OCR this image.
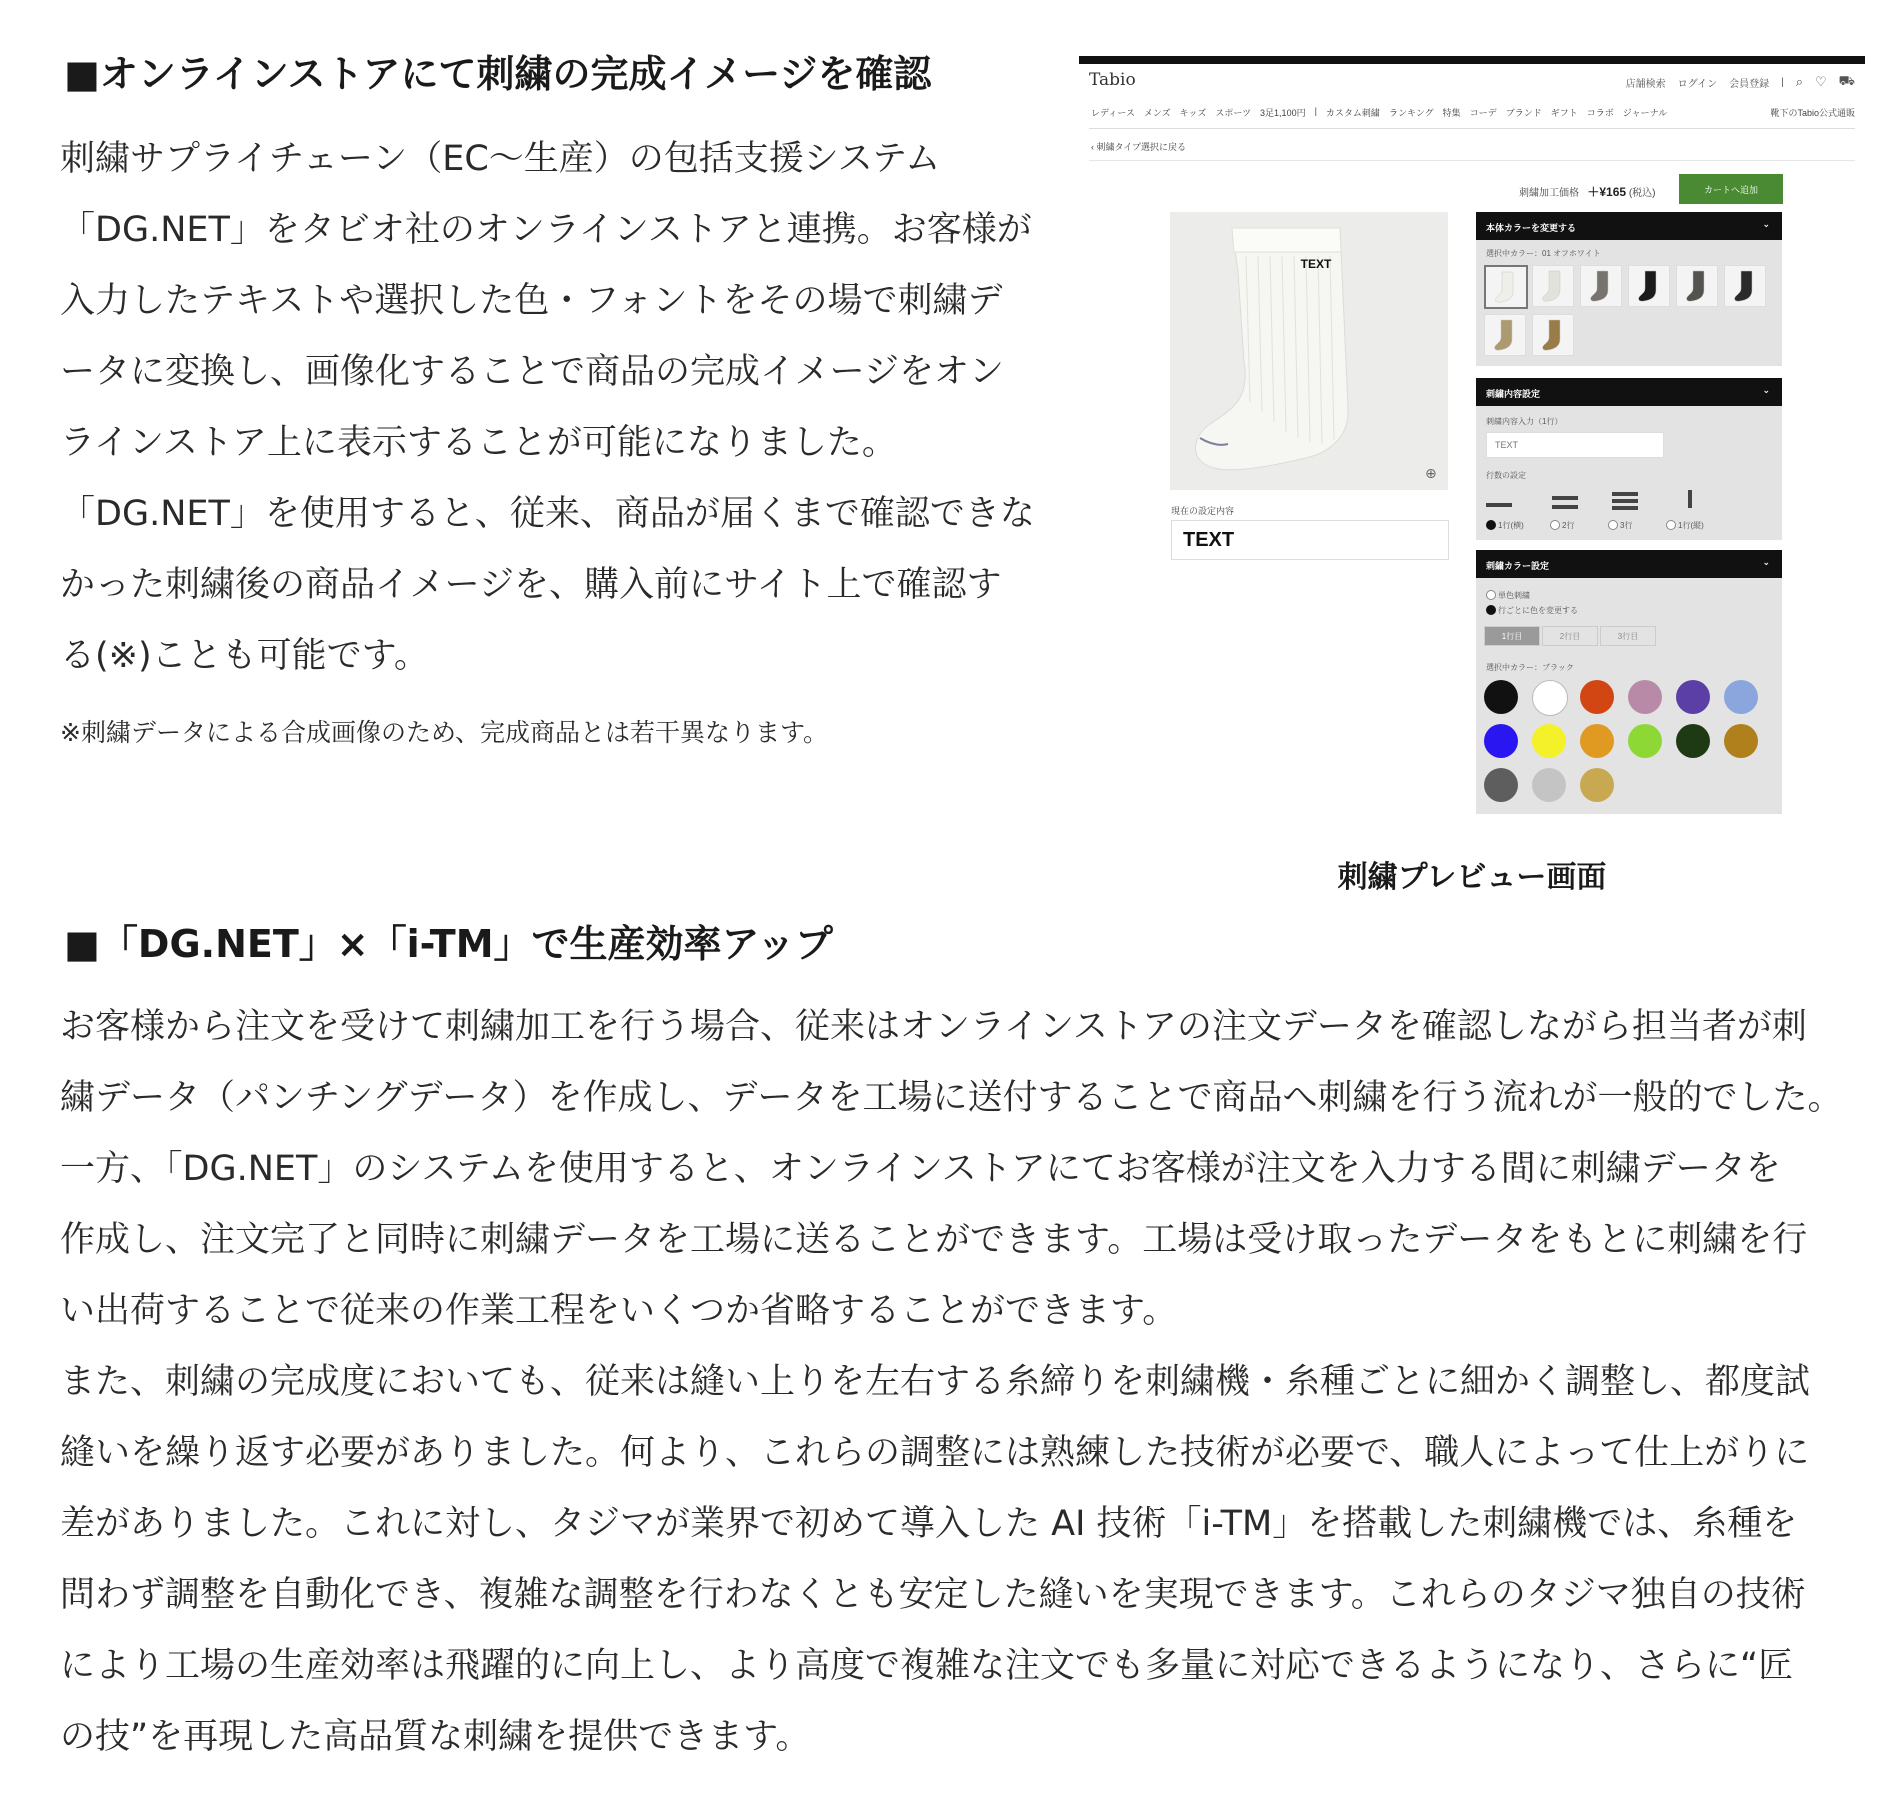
■オンラインストアにて刺繍の完成イメージを確認
刺繍サプライチェーン（EC～生産）の包括支援システム
「DG.NET」をタビオ社のオンラインストアと連携。お客様が
入力したテキストや選択した色・フォントをその場で刺繍デ
ータに変換し、画像化することで商品の完成イメージをオン
ラインストア上に表示することが可能になりました。
「DG.NET」を使用すると、従来、商品が届くまで確認できな
かった刺繍後の商品イメージを、購入前にサイト上で確認す
る(※)ことも可能です。

※刺繍データによる合成画像のため、完成商品とは若干異なります。

Tabio	店舗検索 ログイン 会員登録 | ⌕ ♡ ⛟
レディース メンズ キッズ スポーツ 3足1,100円 | カスタム刺繍 ランキング 特集 コーデ ブランド ギフト コラボ ジャーナル	靴下のTabio公式通販
‹ 刺繍タイプ選択に戻る
刺繍加工価格 ＋¥165 (税込)	カートへ追加
TEXT
⊕
現在の設定内容
TEXT
本体カラーを変更する	⌄
選択中カラー：01 オフホワイト
刺繍内容設定	⌄
刺繍内容入力（1行）
TEXT
行数の設定
1行(横)	2行	3行	1行(縦)
刺繍カラー設定	⌄
単色刺繍
行ごとに色を変更する
1行目	2行目	3行目
選択中カラー：ブラック
刺繍プレビュー画面
■「DG.NET」×「i-TM」で生産効率アップ
お客様から注文を受けて刺繍加工を行う場合、従来はオンラインストアの注文データを確認しながら担当者が刺
繍データ（パンチングデータ）を作成し、データを工場に送付することで商品へ刺繍を行う流れが一般的でした。
一方、「DG.NET」のシステムを使用すると、オンラインストアにてお客様が注文を入力する間に刺繍データを
作成し、注文完了と同時に刺繍データを工場に送ることができます。工場は受け取ったデータをもとに刺繍を行
い出荷することで従来の作業工程をいくつか省略することができます。
また、刺繍の完成度においても、従来は縫い上りを左右する糸締りを刺繍機・糸種ごとに細かく調整し、都度試
縫いを繰り返す必要がありました。何より、これらの調整には熟練した技術が必要で、職人によって仕上がりに
差がありました。これに対し、タジマが業界で初めて導入した AI 技術「i-TM」を搭載した刺繍機では、糸種を
問わず調整を自動化でき、複雑な調整を行わなくとも安定した縫いを実現できます。これらのタジマ独自の技術
により工場の生産効率は飛躍的に向上し、より高度で複雑な注文でも多量に対応できるようになり、さらに“匠
の技”を再現した高品質な刺繍を提供できます。
